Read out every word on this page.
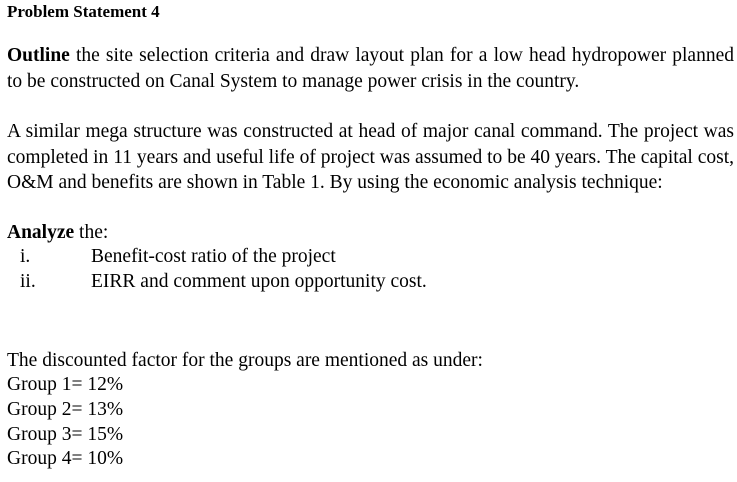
Problem Statement 4
Outline the site selection criteria and draw layout plan for a low head hydropower planned to be constructed on Canal System to manage power crisis in the country.
A similar mega structure was constructed at head of major canal command. The project was completed in 11 years and useful life of project was assumed to be 40 years. The capital cost, O&M and benefits are shown in Table 1. By using the economic analysis technique:
Analyze the:
i.	Benefit-cost ratio of the project
ii.	EIRR and comment upon opportunity cost.
The discounted factor for the groups are mentioned as under:
Group 1= 12%
Group 2= 13%
Group 3= 15%
Group 4= 10%
